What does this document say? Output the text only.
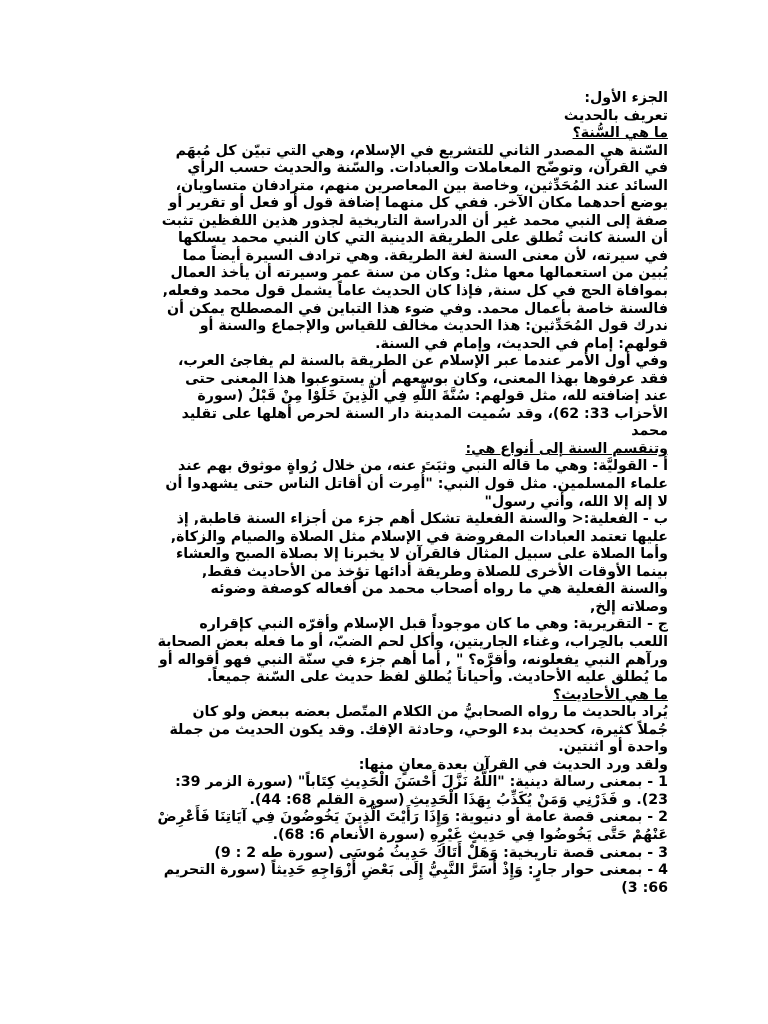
الجزء الأول:
تعريف بالحديث
ما هي السُّنة؟
السّنة هي المصدر الثاني للتشريع في الإسلام، وهي التي تبيّن كل مُبهَم
في القرآن، وتوضّح المعاملات والعبادات. والسّنة والحديث حسب الرأي
السائد عند المُحَدِّثين، وخاصة بين المعاصرين منهم، مترادفان متساويان،
يوضع أحدهما مكان الآخر. ففي كل منهما إضافة قول أو فعل أو تقرير أو
صفة إلى النبي محمد غير أن الدراسة التاريخية لجذور هذين اللفظين تثبت
أن السنة كانت تُطلق على الطريقة الدينية التي كان النبي محمد يسلكها
في سيرته، لأن معنى السنة لغة الطريقة. وهي ترادف السيرة أيضاً مما
يُبين من استعمالها معها مثل: وكان من سنة عمر وسيرته أن يأخذ العمال
بموافاة الحج في كل سنة, فإذا كان الحديث عاماً يشمل قول محمد وفعله,
فالسنة خاصة بأعمال محمد. وفي ضوء هذا التباين في المصطلح يمكن أن
ندرك قول المُحَدِّثين: هذا الحديث مخالف للقياس والإجماع والسنة أو
قولهم: إمام في الحديث، وإمام في السنة.
وفي أول الأمر عندما عبر الإسلام عن الطريقة بالسنة لم يفاجئ العرب،
فقد عرفوها بهذا المعنى، وكان بوسعهم أن يستوعبوا هذا المعنى حتى
عند إضافته لله، مثل قولهم: سُنَّةَ اللَّهِ فِي الَّذِينَ خَلَوْا مِنْ قَبْلُ (سورة
الأحزاب 33: 62)، وقد سُميت المدينة دار السنة لحرص أهلها على تقليد
محمد
وتنقسم السنة إلى أنواع هي:
أ - القوليَّة: وهي ما قاله النبي وثبَتَ عنه، من خلال رُواةٍ موثوق بهم عند
علماء المسلمين. مثل قول النبي: "أُمِرت أن أقاتل الناس حتى يشهدوا أن
لا إله إلا الله، وأني رسول"
ب - الفعلية:< والسنة الفعلية تشكل أهم جزء من أجزاء السنة قاطبة, إذ
عليها تعتمد العبادات المفروضة في الإسلام مثل الصلاة والصيام والزكاة,
وأما الصلاة على سبيل المثال فالقرآن لا يخبرنا إلا بصلاة الصبح والعشاء
بينما الأوقات الأخرى للصلاة وطريقة أدائها تؤخذ من الأحاديث فقط,
والسنة الفعلية هي ما رواه أصحاب محمد من أفعاله كوصفة وضوئه
وصلاته إلخ,
ج - التقريرية: وهي ما كان موجوداً قبل الإسلام وأقرّه النبي كإقراره
اللعب بالحِراب، وغناء الجاريتين، وأكل لحم الضبّ، أو ما فعله بعض الصحابة
ورآهم النبي يفعلونه، وأقرَّه؟ " , أما أهم جزء في سنّة النبي فهو أقواله أو
ما يُطلق عليه الأحاديث. وأحياناً يُطلق لفظ حديث على السّنة جميعاً.
ما هي الأحاديث؟
يُراد بالحديث ما رواه الصحابيُّ من الكلام المتّصل بعضه ببعض ولو كان
جُملاً كثيرة، كحديث بدء الوحي، وحادثة الإفك. وقد يكون الحديث من جملة
واحدة أو اثنتين.
ولقد ورد الحديث في القرآن بعدة معانٍ منها:
1 - بمعنى رسالة دينية: "اللَّهُ نَزَّلَ أَحْسَنَ الْحَدِيثِ كِتَاباً" (سورة الزمر 39:
23). و فَذَرْنِي وَمَنْ يُكَذِّبُ بِهَذَا الْحَدِيثِ (سورة القلم 68: 44).
2 - بمعنى قصة عامة أو دنيوية: وَإِذَا رَأَيْتَ الَّذِينَ يَخُوضُونَ فِي آيَاتِنَا فَأَعْرِضْ
عَنْهُمْ حَتَّى يَخُوضُوا فِي حَدِيثٍ غَيْرِهِ (سورة الأنعام 6: 68).
3 - بمعنى قصة تاريخية: وَهَلْ أَتَاكَ حَدِيثُ مُوسَى (سورة طه 2 : 9)
4 - بمعنى حوار جارٍ: وَإِذْ أَسَرَّ النَّبِيُّ إِلَى بَعْضِ أَزْوَاجِهِ حَدِيثاً (سورة التحريم
66: 3)
